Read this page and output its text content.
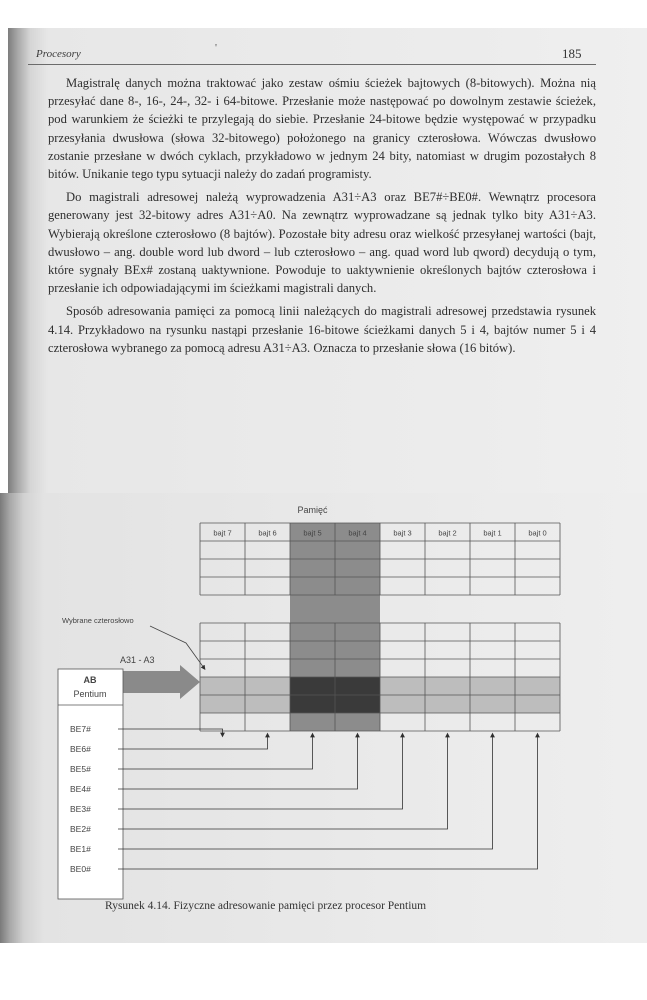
Procesory	'	185

Magistralę danych można traktować jako zestaw ośmiu ścieżek bajtowych (8-bitowych). Można nią przesyłać dane 8-, 16-, 24-, 32- i 64-bitowe. Przesłanie może następować po dowolnym zestawie ścieżek, pod warunkiem że ścieżki te przylegają do siebie. Przesłanie 24-bitowe będzie występować w przypadku przesyłania dwusłowa (słowa 32-bitowego) położonego na granicy czterosłowa. Wówczas dwusłowo zostanie przesłane w dwóch cyklach, przykładowo w jednym 24 bity, natomiast w drugim pozostałych 8 bitów. Unikanie tego typu sytuacji należy do zadań programisty.

Do magistrali adresowej należą wyprowadzenia A31÷A3 oraz BE7#÷BE0#. Wewnątrz procesora generowany jest 32-bitowy adres A31÷A0. Na zewnątrz wyprowadzane są jednak tylko bity A31÷A3. Wybierają określone czterosłowo (8 bajtów). Pozostałe bity adresu oraz wielkość przesyłanej wartości (bajt, dwusłowo – ang. double word lub dword – lub czterosłowo – ang. quad word lub qword) decydują o tym, które sygnały BEx# zostaną uaktywnione. Powoduje to uaktywnienie określonych bajtów czterosłowa i przesłanie ich odpowiadającymi im ścieżkami magistrali danych.

Sposób adresowania pamięci za pomocą linii należących do magistrali adresowej przedstawia rysunek 4.14. Przykładowo na rysunku nastąpi przesłanie 16-bitowe ścieżkami danych 5 i 4, bajtów numer 5 i 4 czterosłowa wybranego za pomocą adresu A31÷A3. Oznacza to przesłanie słowa (16 bitów).

Pamięć
bajt 7	bajt 6	bajt 5	bajt 4	bajt 3	bajt 2	bajt 1	bajt 0
Wybrane czterosłowo
A31 - A3
AB
Pentium
BE7#
BE6#
BE5#
BE4#
BE3#
BE2#
BE1#
BE0#
Rysunek 4.14. Fizyczne adresowanie pamięci przez procesor Pentium
